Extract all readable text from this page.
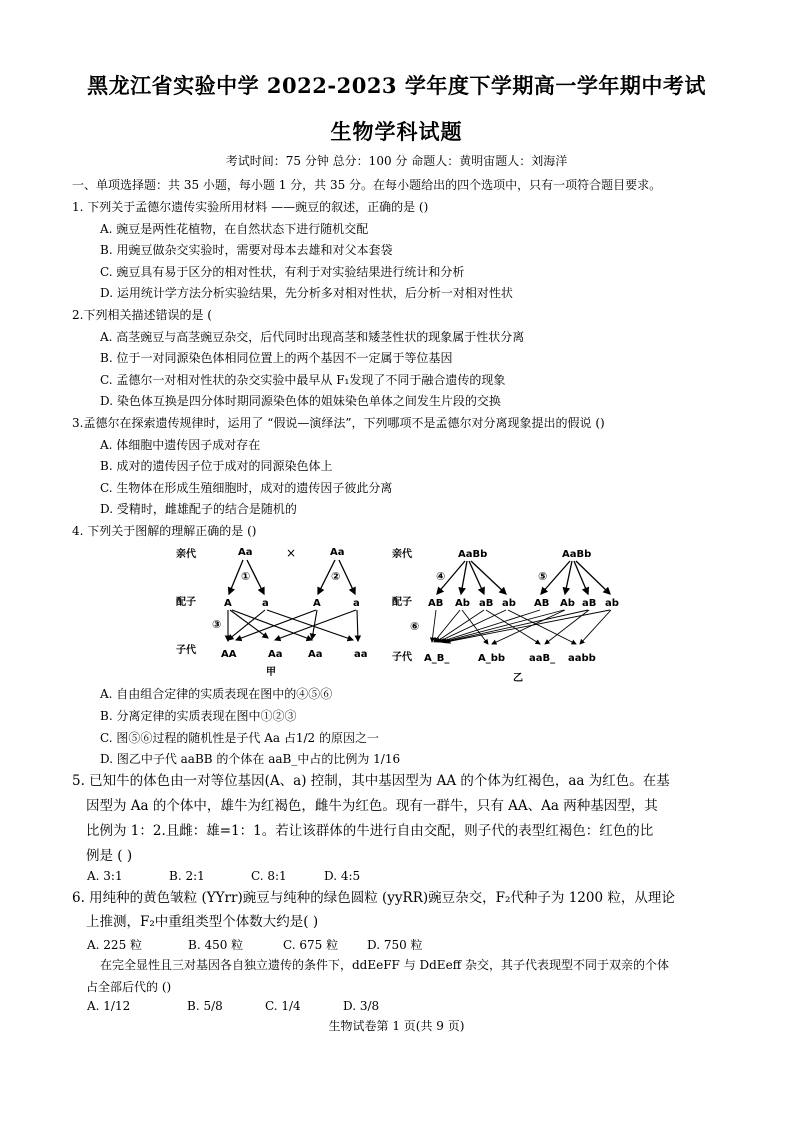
黑龙江省实验中学 2022-2023 学年度下学期高一学年期中考试
生物学科试题
考试时间：75 分钟 总分：100 分 命题人：黄明宙题人：刘海洋
一、单项选择题：共 35 小题，每小题 1 分，共 35 分。在每小题给出的四个选项中，只有一项符合题目要求。
1. 下列关于孟德尔遗传实验所用材料 ——豌豆的叙述，正确的是 ()
A. 豌豆是两性花植物，在自然状态下进行随机交配
B. 用豌豆做杂交实验时，需要对母本去雄和对父本套袋
C. 豌豆具有易于区分的相对性状，有利于对实验结果进行统计和分析
D. 运用统计学方法分析实验结果，先分析多对相对性状，后分析一对相对性状
2.下列相关描述错误的是 (
A. 高茎豌豆与高茎豌豆杂交，后代同时出现高茎和矮茎性状的现象属于性状分离
B. 位于一对同源染色体相同位置上的两个基因不一定属于等位基因
C. 孟德尔一对相对性状的杂交实验中最早从 F₁发现了不同于融合遗传的现象
D. 染色体互换是四分体时期同源染色体的姐妹染色单体之间发生片段的交换
3.孟德尔在探索遗传规律时，运用了 “假说—演绎法”，下列哪项不是孟德尔对分离现象提出的假说 ()
A. 体细胞中遗传因子成对存在
B. 成对的遗传因子位于成对的同源染色体上
C. 生物体在形成生殖细胞时，成对的遗传因子彼此分离
D. 受精时，雌雄配子的结合是随机的
4. 下列关于图解的理解正确的是 ()
亲代
配子
子代
亲代
配子
子代
Aa	×	Aa
①	②
③
A	a	A	a
AA	Aa	Aa	aa
甲
AaBb	AaBb
④	⑤
⑥
AB Ab aB ab AB Ab aB ab
A_B_	A_bb aaB_ aabb
乙
A. 自由组合定律的实质表现在图中的④⑤⑥
B. 分离定律的实质表现在图中①②③
C. 图⑤⑥过程的随机性是子代 Aa 占1/2 的原因之一
D. 图乙中子代 aaBB 的个体在 aaB_中占的比例为 1/16
5. 已知牛的体色由一对等位基因(A、a) 控制，其中基因型为 AA 的个体为红褐色，aa 为红色。在基
因型为 Aa 的个体中，雄牛为红褐色，雌牛为红色。现有一群牛，只有 AA、Aa 两种基因型，其
比例为 1：2.且雌：雄=1：1。若让该群体的牛进行自由交配，则子代的表型红褐色：红色的比
例是 ( )
A. 3:1	B. 2:1	C. 8:1	D. 4:5
6. 用纯种的黄色皱粒 (YYrr)豌豆与纯种的绿色圆粒 (yyRR)豌豆杂交，F₂代种子为 1200 粒，从理论
上推测，F₂中重组类型个体数大约是( )
A. 225 粒	B. 450 粒	C. 675 粒 D. 750 粒
在完全显性且三对基因各自独立遗传的条件下，ddEeFF 与 DdEeff 杂交，其子代表现型不同于双亲的个体
占全部后代的 ()
A. 1/12	B. 5/8	C. 1/4	D. 3/8
生物试卷第 1 页(共 9 页)
